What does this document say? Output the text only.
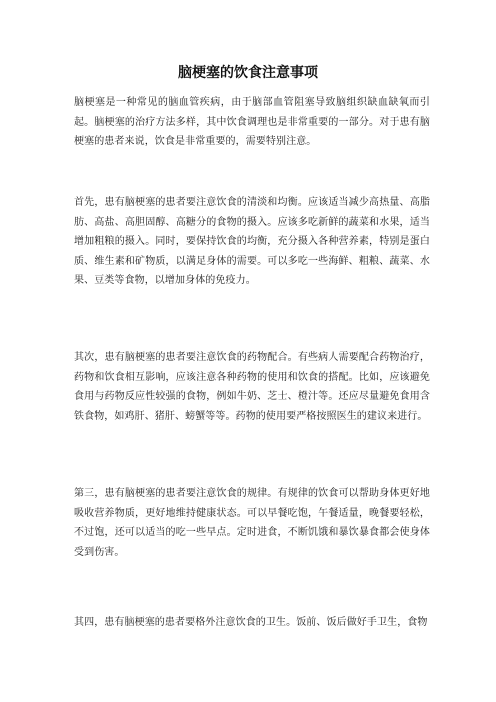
脑梗塞的饮食注意事项

脑梗塞是一种常见的脑血管疾病，由于脑部血管阻塞导致脑组织缺血缺氧而引起。脑梗塞的治疗方法多样，其中饮食调理也是非常重要的一部分。对于患有脑梗塞的患者来说，饮食是非常重要的，需要特别注意。

首先，患有脑梗塞的患者要注意饮食的清淡和均衡。应该适当减少高热量、高脂肪、高盐、高胆固醇、高糖分的食物的摄入。应该多吃新鲜的蔬菜和水果，适当增加粗粮的摄入。同时，要保持饮食的均衡，充分摄入各种营养素，特别是蛋白质、维生素和矿物质，以满足身体的需要。可以多吃一些海鲜、粗粮、蔬菜、水果、豆类等食物，以增加身体的免疫力。

其次，患有脑梗塞的患者要注意饮食的药物配合。有些病人需要配合药物治疗，药物和饮食相互影响，应该注意各种药物的使用和饮食的搭配。比如，应该避免食用与药物反应性较强的食物，例如牛奶、芝士、橙汁等。还应尽量避免食用含铁食物，如鸡肝、猪肝、螃蟹等等。药物的使用要严格按照医生的建议来进行。

第三，患有脑梗塞的患者要注意饮食的规律。有规律的饮食可以帮助身体更好地吸收营养物质，更好地维持健康状态。可以早餐吃饱，午餐适量，晚餐要轻松，不过饱，还可以适当的吃一些早点。定时进食，不断饥饿和暴饮暴食都会使身体受到伤害。

其四，患有脑梗塞的患者要格外注意饮食的卫生。饭前、饭后做好手卫生，食物
